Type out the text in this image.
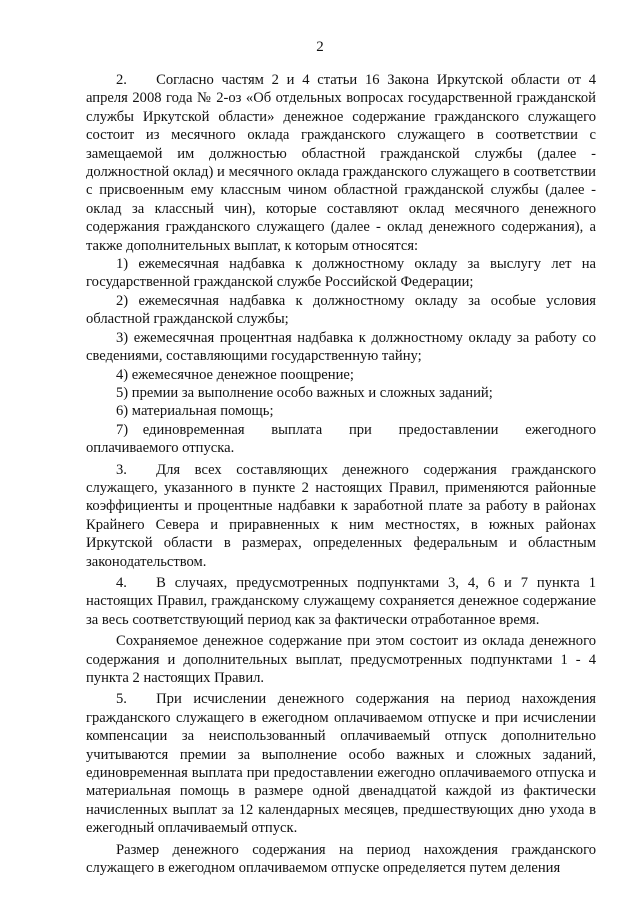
2

2.  Согласно частям 2 и 4 статьи 16 Закона Иркутской области от 4 апреля 2008 года № 2-оз «Об отдельных вопросах государственной гражданской службы Иркутской области» денежное содержание гражданского служащего состоит из месячного оклада гражданского служащего в соответствии с замещаемой им должностью областной гражданской службы (далее - должностной оклад) и месячного оклада гражданского служащего в соответствии с присвоенным ему классным чином областной гражданской службы (далее - оклад за классный чин), которые составляют оклад месячного денежного содержания гражданского служащего (далее - оклад денежного содержания), а также дополнительных выплат, к которым относятся:

1) ежемесячная надбавка к должностному окладу за выслугу лет на государственной гражданской службе Российской Федерации;

2) ежемесячная надбавка к должностному окладу за особые условия областной гражданской службы;

3) ежемесячная процентная надбавка к должностному окладу за работу со сведениями, составляющими государственную тайну;

4) ежемесячное денежное поощрение;

5) премии за выполнение особо важных и сложных заданий;

6) материальная помощь;

7) единовременная выплата при предоставлении ежегодного оплачиваемого отпуска.

3.  Для всех составляющих денежного содержания гражданского служащего, указанного в пункте 2 настоящих Правил, применяются районные коэффициенты и процентные надбавки к заработной плате за работу в районах Крайнего Севера и приравненных к ним местностях, в южных районах Иркутской области в размерах, определенных федеральным и областным законодательством.

4.  В случаях, предусмотренных подпунктами 3, 4, 6 и 7 пункта 1 настоящих Правил, гражданскому служащему сохраняется денежное содержание за весь соответствующий период как за фактически отработанное время.

Сохраняемое денежное содержание при этом состоит из оклада денежного содержания и дополнительных выплат, предусмотренных подпунктами 1 - 4 пункта 2 настоящих Правил.

5.  При исчислении денежного содержания на период нахождения гражданского служащего в ежегодном оплачиваемом отпуске и при исчислении компенсации за неиспользованный оплачиваемый отпуск дополнительно учитываются премии за выполнение особо важных и сложных заданий, единовременная выплата при предоставлении ежегодно оплачиваемого отпуска и материальная помощь в размере одной двенадцатой каждой из фактически начисленных выплат за 12 календарных месяцев, предшествующих дню ухода в ежегодный оплачиваемый отпуск.

Размер денежного содержания на период нахождения гражданского служащего в ежегодном оплачиваемом отпуске определяется путем деления
